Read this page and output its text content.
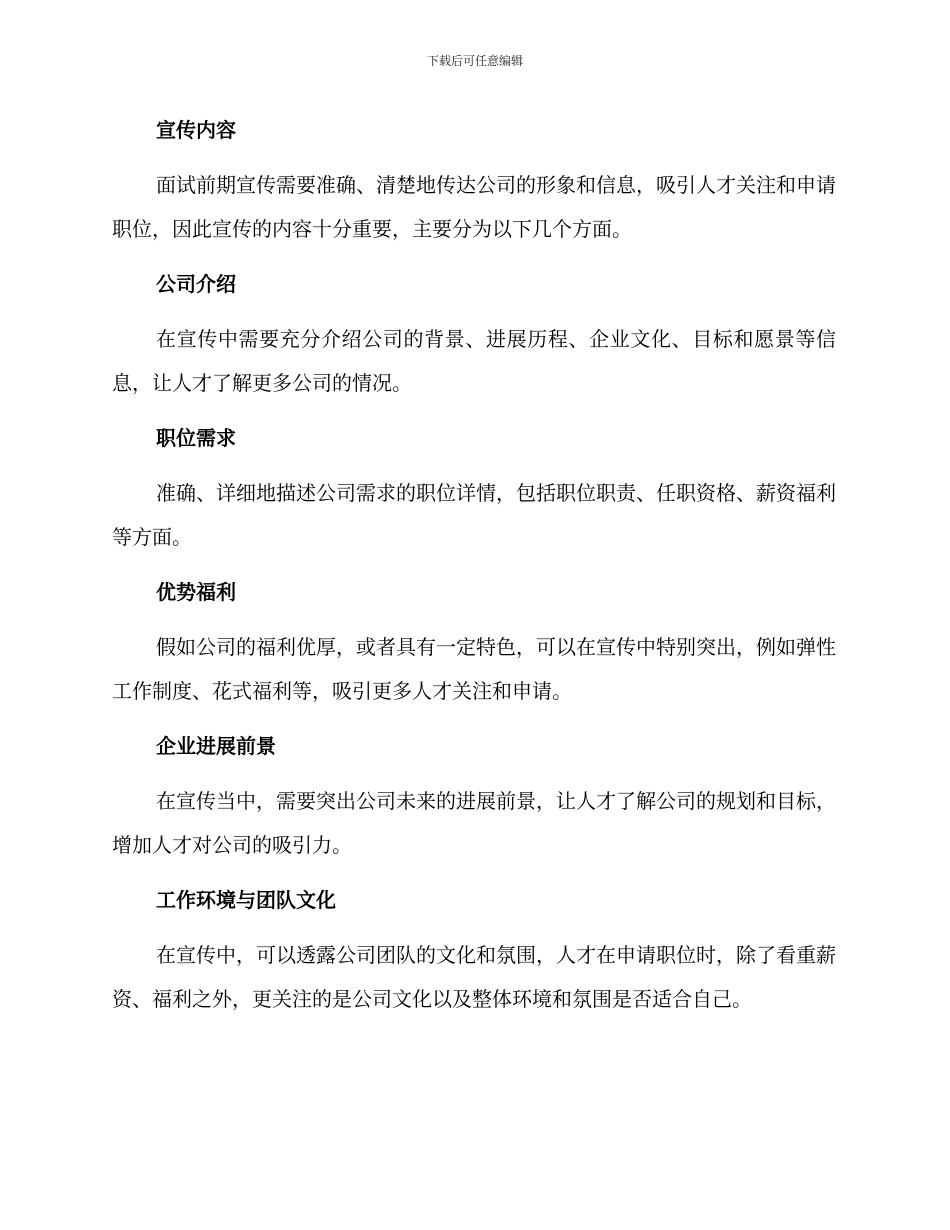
下载后可任意编辑
宣传内容

面试前期宣传需要准确、清楚地传达公司的形象和信息，吸引人才关注和申请职位，因此宣传的内容十分重要，主要分为以下几个方面。

公司介绍

在宣传中需要充分介绍公司的背景、进展历程、企业文化、目标和愿景等信息，让人才了解更多公司的情况。

职位需求

准确、详细地描述公司需求的职位详情，包括职位职责、任职资格、薪资福利等方面。

优势福利

假如公司的福利优厚，或者具有一定特色，可以在宣传中特别突出，例如弹性工作制度、花式福利等，吸引更多人才关注和申请。

企业进展前景

在宣传当中，需要突出公司未来的进展前景，让人才了解公司的规划和目标，增加人才对公司的吸引力。

工作环境与团队文化

在宣传中，可以透露公司团队的文化和氛围，人才在申请职位时，除了看重薪资、福利之外，更关注的是公司文化以及整体环境和氛围是否适合自己。
